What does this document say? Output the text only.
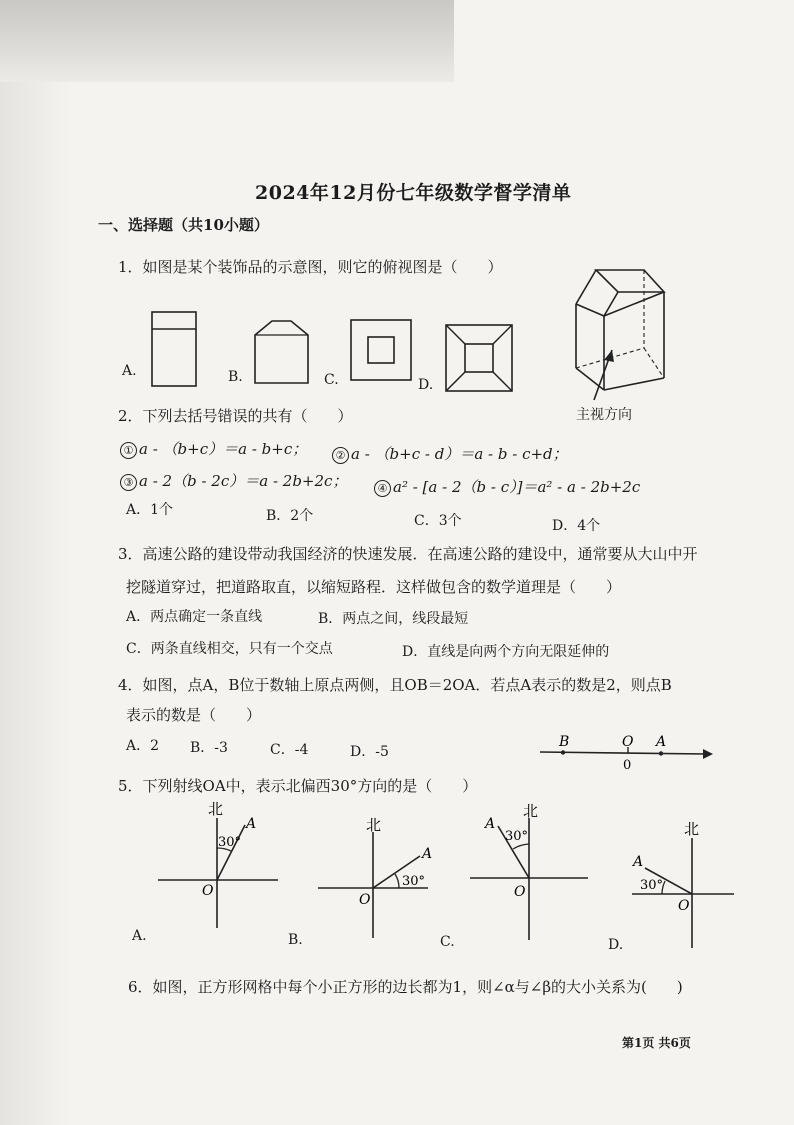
2024年12月份七年级数学督学清单
一、选择题（共10小题）
1．如图是某个装饰品的示意图，则它的俯视图是（　　）
A.	B.	C.	D.
主视方向
2．下列去括号错误的共有（　　）
① a - （b+c）＝a - b+c；	② a - （b+c - d）＝a - b - c+d；
③ a - 2（b - 2c）＝a - 2b+2c；	④ a² - [a - 2（b - c）]＝a² - a - 2b+2c
A．1个	B．2个	C．3个	D．4个
3．高速公路的建设带动我国经济的快速发展．在高速公路的建设中，通常要从大山中开
挖隧道穿过，把道路取直，以缩短路程．这样做包含的数学道理是（　　）
A．两点确定一条直线	B．两点之间，线段最短
C．两条直线相交，只有一个交点	D．直线是向两个方向无限延伸的
4．如图，点A，B位于数轴上原点两侧，且OB＝2OA．若点A表示的数是2，则点B
表示的数是（　　）
A．2 B．-3	C．-4	D．-5
B	O A
0
5．下列射线OA中，表示北偏西30°方向的是（　　）
北
A
30°
O
北
A
30°
O
北
A
30°
O
北
A
30°
O
A.	B.	C.	D.
6．如图，正方形网格中每个小正方形的边长都为1，则∠α与∠β的大小关系为(　　)
第1页 共6页
